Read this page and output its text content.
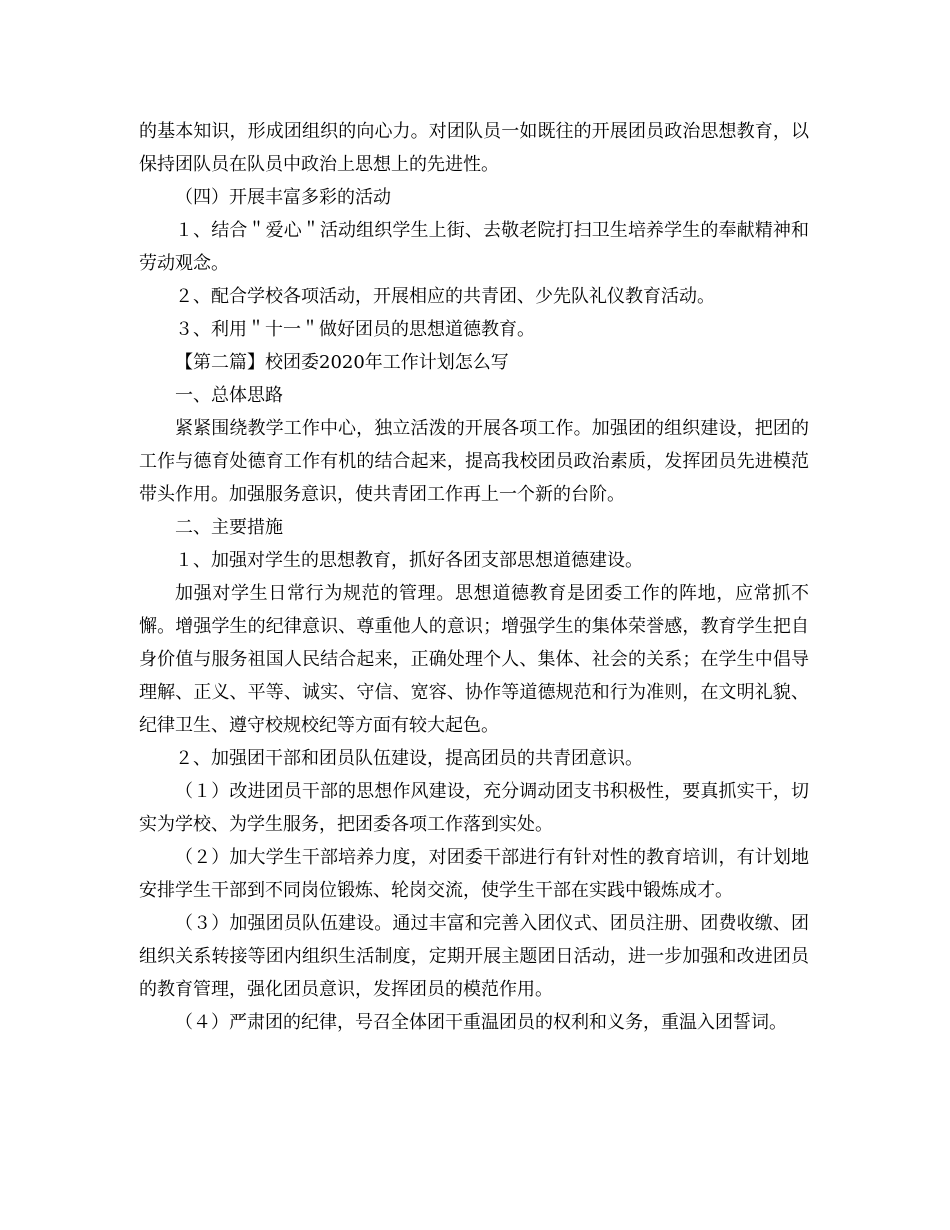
的基本知识，形成团组织的向心力。对团队员一如既往的开展团员政治思想教育，以保持团队员在队员中政治上思想上的先进性。

（四）开展丰富多彩的活动

１、结合＂爱心＂活动组织学生上街、去敬老院打扫卫生培养学生的奉献精神和劳动观念。

２、配合学校各项活动，开展相应的共青团、少先队礼仪教育活动。

３、利用＂十一＂做好团员的思想道德教育。

【第二篇】校团委2020年工作计划怎么写

一、总体思路

紧紧围绕教学工作中心，独立活泼的开展各项工作。加强团的组织建设，把团的工作与德育处德育工作有机的结合起来，提高我校团员政治素质，发挥团员先进模范带头作用。加强服务意识，使共青团工作再上一个新的台阶。

二、主要措施

１、加强对学生的思想教育，抓好各团支部思想道德建设。

加强对学生日常行为规范的管理。思想道德教育是团委工作的阵地，应常抓不懈。增强学生的纪律意识、尊重他人的意识；增强学生的集体荣誉感，教育学生把自身价值与服务祖国人民结合起来，正确处理个人、集体、社会的关系；在学生中倡导理解、正义、平等、诚实、守信、宽容、协作等道德规范和行为准则，在文明礼貌、纪律卫生、遵守校规校纪等方面有较大起色。

２、加强团干部和团员队伍建设，提高团员的共青团意识。

（１）改进团员干部的思想作风建设，充分调动团支书积极性，要真抓实干，切实为学校、为学生服务，把团委各项工作落到实处。

（２）加大学生干部培养力度，对团委干部进行有针对性的教育培训，有计划地安排学生干部到不同岗位锻炼、轮岗交流，使学生干部在实践中锻炼成才。

（３）加强团员队伍建设。通过丰富和完善入团仪式、团员注册、团费收缴、团组织关系转接等团内组织生活制度，定期开展主题团日活动，进一步加强和改进团员的教育管理，强化团员意识，发挥团员的模范作用。

（４）严肃团的纪律，号召全体团干重温团员的权利和义务，重温入团誓词。
